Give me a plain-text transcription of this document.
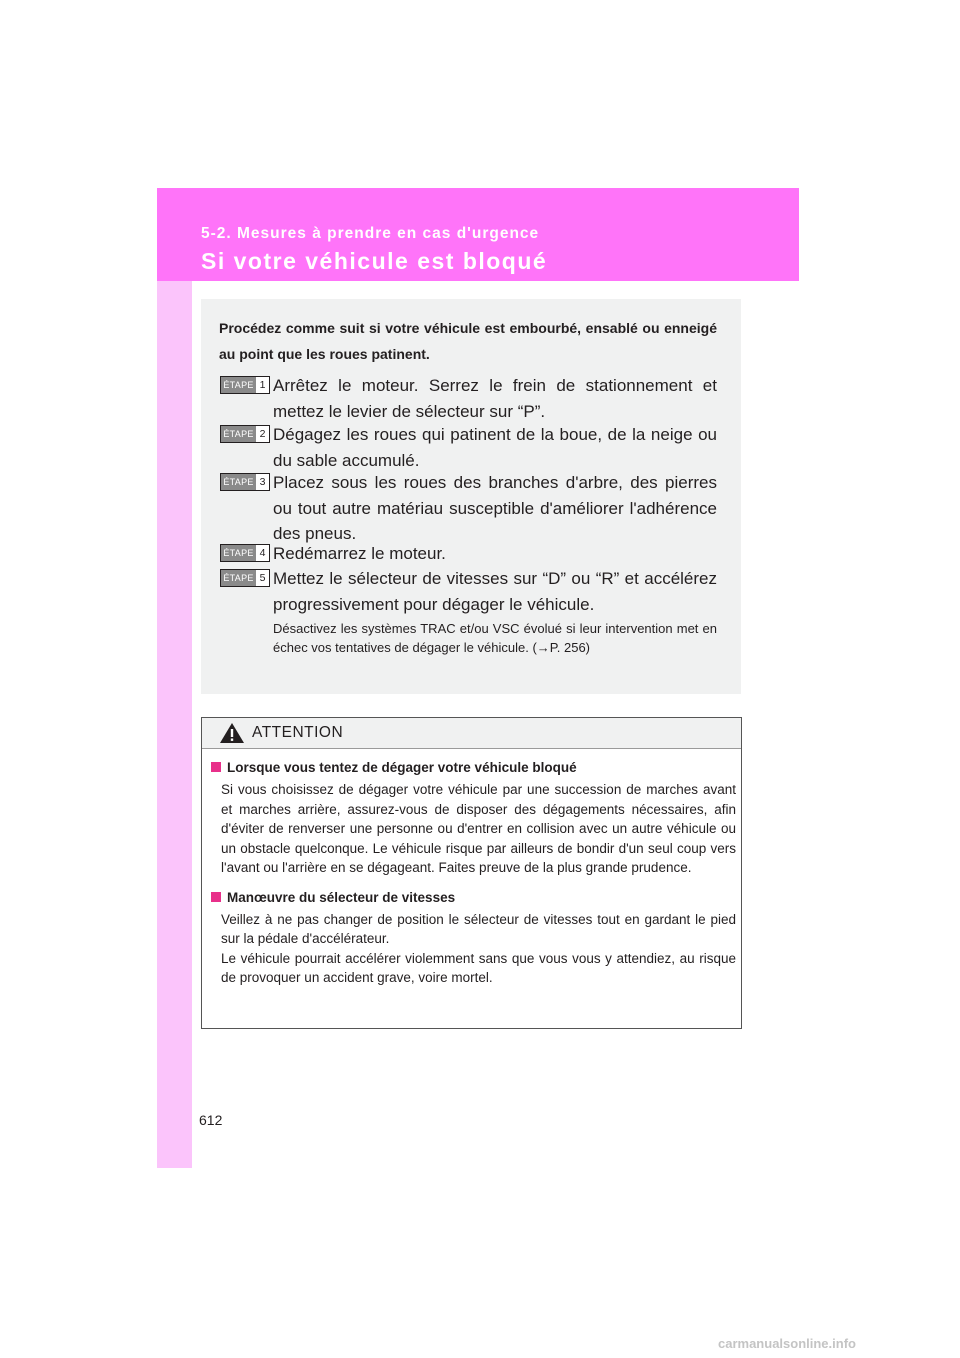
5-2. Mesures à prendre en cas d'urgence

Si votre véhicule est bloqué

Procédez comme suit si votre véhicule est embourbé, ensablé ou enneigé au point que les roues patinent.

ÉTAPE 1 Arrêtez le moteur. Serrez le frein de stationnement et mettez le levier de sélecteur sur “P”.

ÉTAPE 2 Dégagez les roues qui patinent de la boue, de la neige ou du sable accumulé.

ÉTAPE 3 Placez sous les roues des branches d'arbre, des pierres ou tout autre matériau susceptible d'améliorer l'adhérence des pneus.

ÉTAPE 4 Redémarrez le moteur.

ÉTAPE 5 Mettez le sélecteur de vitesses sur “D” ou “R” et accélérez progressivement pour dégager le véhicule.

Désactivez les systèmes TRAC et/ou VSC évolué si leur intervention met en échec vos tentatives de dégager le véhicule. (→P. 256)

ATTENTION

Lorsque vous tentez de dégager votre véhicule bloqué

Si vous choisissez de dégager votre véhicule par une succession de marches avant et marches arrière, assurez-vous de disposer des dégagements nécessaires, afin d'éviter de renverser une personne ou d'entrer en collision avec un autre véhicule ou un obstacle quelconque. Le véhicule risque par ailleurs de bondir d'un seul coup vers l'avant ou l'arrière en se dégageant. Faites preuve de la plus grande prudence.

Manœuvre du sélecteur de vitesses

Veillez à ne pas changer de position le sélecteur de vitesses tout en gardant le pied sur la pédale d'accélérateur.

Le véhicule pourrait accélérer violemment sans que vous vous y attendiez, au risque de provoquer un accident grave, voire mortel.

612

carmanualsonline.info
